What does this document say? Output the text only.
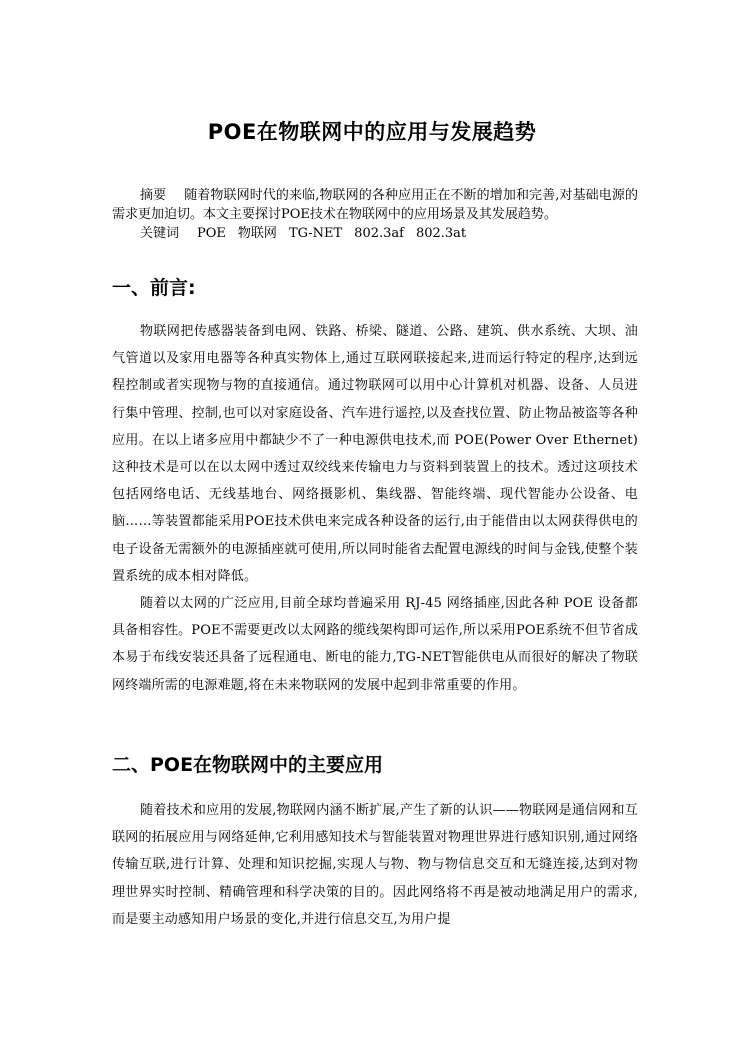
POE在物联网中的应用与发展趋势

摘要 随着物联网时代的来临,物联网的各种应用正在不断的增加和完善,对基础电源的需求更加迫切。本文主要探讨POE技术在物联网中的应用场景及其发展趋势。

关键词 POE 物联网 TG-NET 802.3af 802.3at

一、前言:

物联网把传感器装备到电网、铁路、桥梁、隧道、公路、建筑、供水系统、大坝、油气管道以及家用电器等各种真实物体上,通过互联网联接起来,进而运行特定的程序,达到远程控制或者实现物与物的直接通信。通过物联网可以用中心计算机对机器、设备、人员进行集中管理、控制,也可以对家庭设备、汽车进行遥控,以及查找位置、防止物品被盗等各种应用。在以上诸多应用中都缺少不了一种电源供电技术,而 POE(Power Over Ethernet)这种技术是可以在以太网中透过双绞线来传输电力与资料到装置上的技术。透过这项技术包括网络电话、无线基地台、网络摄影机、集线器、智能终端、现代智能办公设备、电脑……等装置都能采用POE技术供电来完成各种设备的运行,由于能借由以太网获得供电的电子设备无需额外的电源插座就可使用,所以同时能省去配置电源线的时间与金钱,使整个装置系统的成本相对降低。

随着以太网的广泛应用,目前全球均普遍采用 RJ-45 网络插座,因此各种 POE 设备都具备相容性。POE不需要更改以太网路的缆线架构即可运作,所以采用POE系统不但节省成本易于布线安装还具备了远程通电、断电的能力,TG-NET智能供电从而很好的解决了物联网终端所需的电源难题,将在未来物联网的发展中起到非常重要的作用。

二、POE在物联网中的主要应用

随着技术和应用的发展,物联网内涵不断扩展,产生了新的认识——物联网是通信网和互联网的拓展应用与网络延伸,它利用感知技术与智能装置对物理世界进行感知识别,通过网络传输互联,进行计算、处理和知识挖掘,实现人与物、物与物信息交互和无缝连接,达到对物理世界实时控制、精确管理和科学决策的目的。因此网络将不再是被动地满足用户的需求,而是要主动感知用户场景的变化,并进行信息交互,为用户提
